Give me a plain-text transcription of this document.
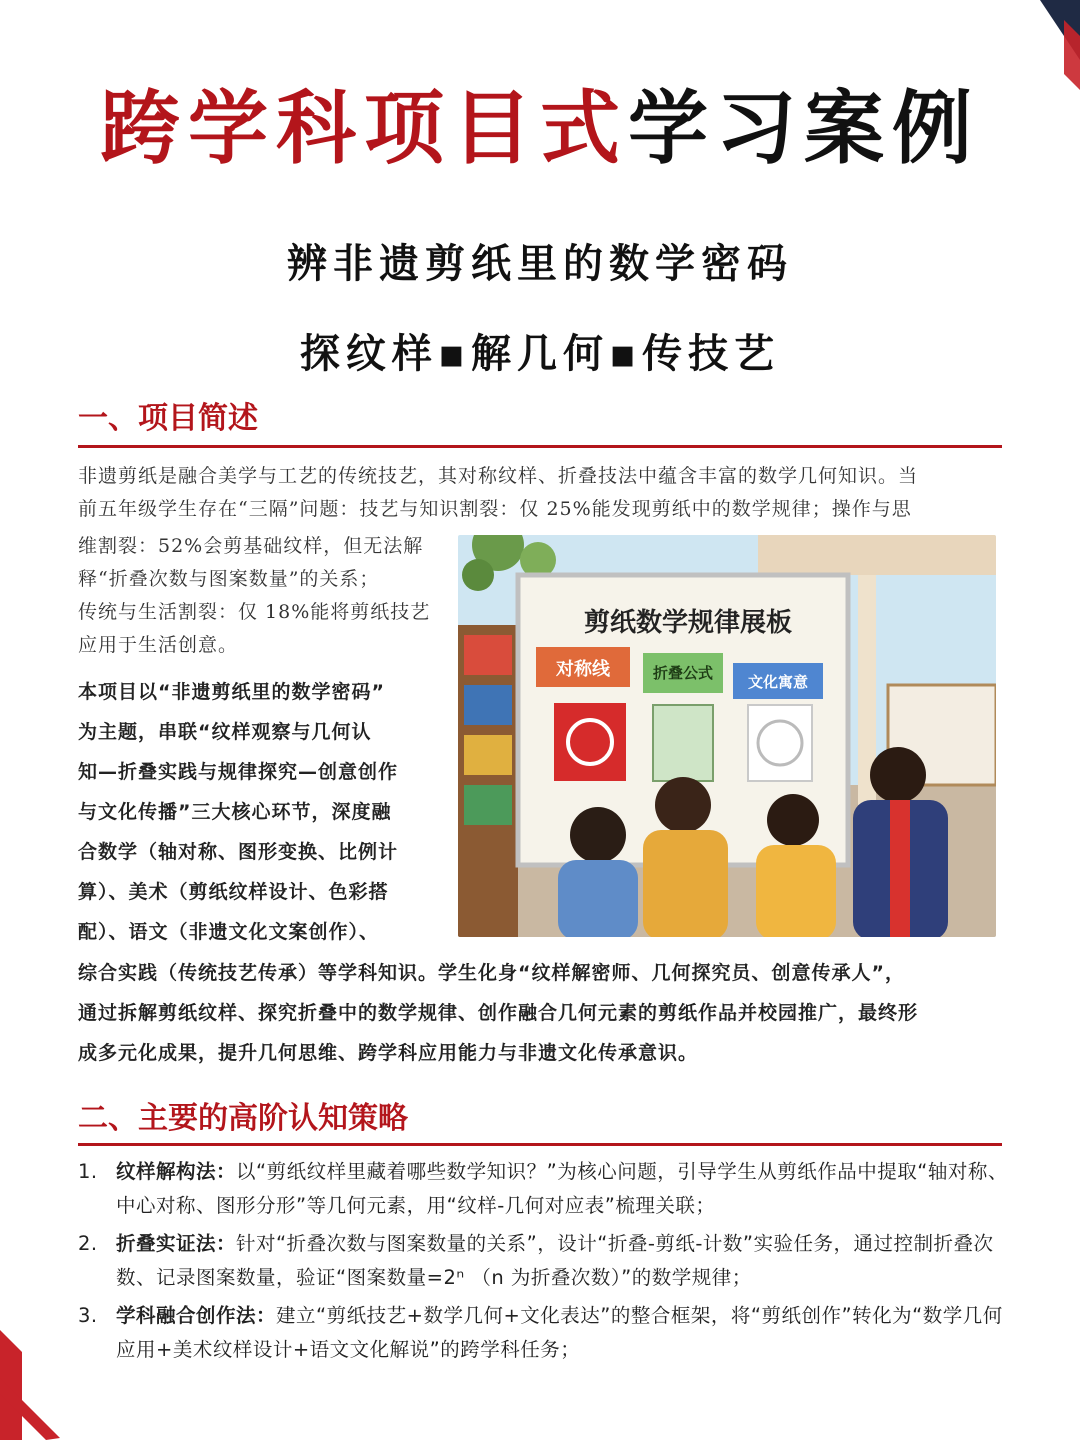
跨学科项目式学习案例
辨非遗剪纸里的数学密码
探纹样▪解几何▪传技艺
一、项目简述
非遗剪纸是融合美学与工艺的传统技艺，其对称纹样、折叠技法中蕴含丰富的数学几何知识。当
前五年级学生存在“三隔”问题：技艺与知识割裂：仅 25%能发现剪纸中的数学规律；操作与思
维割裂：52%会剪基础纹样，但无法解
释“折叠次数与图案数量”的关系；
传统与生活割裂：仅 18%能将剪纸技艺
应用于生活创意。
本项目以“非遗剪纸里的数学密码”
为主题，串联“纹样观察与几何认
知—折叠实践与规律探究—创意创作
与文化传播”三大核心环节，深度融
合数学（轴对称、图形变换、比例计
算）、美术（剪纸纹样设计、色彩搭
配）、语文（非遗文化文案创作）、
综合实践（传统技艺传承）等学科知识。学生化身“纹样解密师、几何探究员、创意传承人”，
通过拆解剪纸纹样、探究折叠中的数学规律、创作融合几何元素的剪纸作品并校园推广，最终形
成多元化成果，提升几何思维、跨学科应用能力与非遗文化传承意识。
剪纸数学规律展板
对称线	折叠公式	文化寓意
二、主要的高阶认知策略
1. 纹样解构法：以“剪纸纹样里藏着哪些数学知识？”为核心问题，引导学生从剪纸作品中提取“轴对称、中心对称、图形分形”等几何元素，用“纹样-几何对应表”梳理关联；
2. 折叠实证法：针对“折叠次数与图案数量的关系”，设计“折叠-剪纸-计数”实验任务，通过控制折叠次数、记录图案数量，验证“图案数量=2ⁿ （n 为折叠次数）”的数学规律；
3. 学科融合创作法：建立“剪纸技艺+数学几何+文化表达”的整合框架，将“剪纸创作”转化为“数学几何应用+美术纹样设计+语文文化解说”的跨学科任务；
